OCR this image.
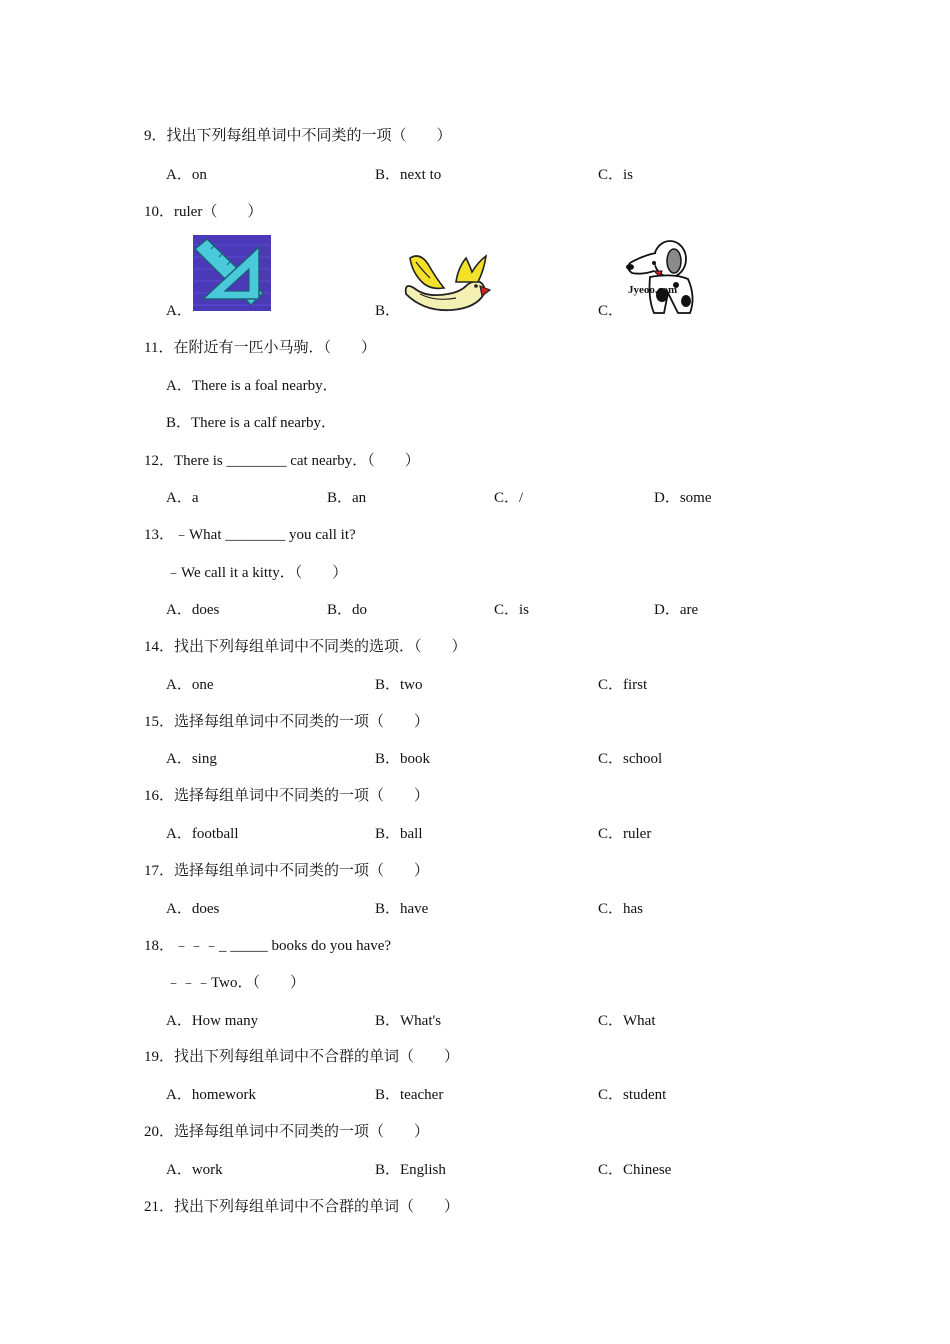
9．找出下列每组单词中不同类的一项（　　）
A．on	B．next to	C．is
10．ruler（　　）
A．	B．	C．
Jyeoo.com
11．在附近有一匹小马驹．（　　）
A．There is a foal nearby．
B．There is a calf nearby．
12．There is ________ cat nearby．（　　）
A．a	B．an	C．/	D．some
13．﹣What ________ you call it?
﹣We call it a kitty．（　　）
A．does	B．do	C．is	D．are
14．找出下列每组单词中不同类的选项．（　　）
A．one	B．two	C．first
15．选择每组单词中不同类的一项（　　）
A．sing	B．book	C．school
16．选择每组单词中不同类的一项（　　）
A．football	B．ball	C．ruler
17．选择每组单词中不同类的一项（　　）
A．does	B．have	C．has
18．﹣﹣﹣_ _____ books do you have?
﹣﹣﹣Two．（　　）
A．How many	B．What's	C．What
19．找出下列每组单词中不合群的单词（　　）
A．homework	B．teacher	C．student
20．选择每组单词中不同类的一项（　　）
A．work	B．English	C．Chinese
21．找出下列每组单词中不合群的单词（　　）
